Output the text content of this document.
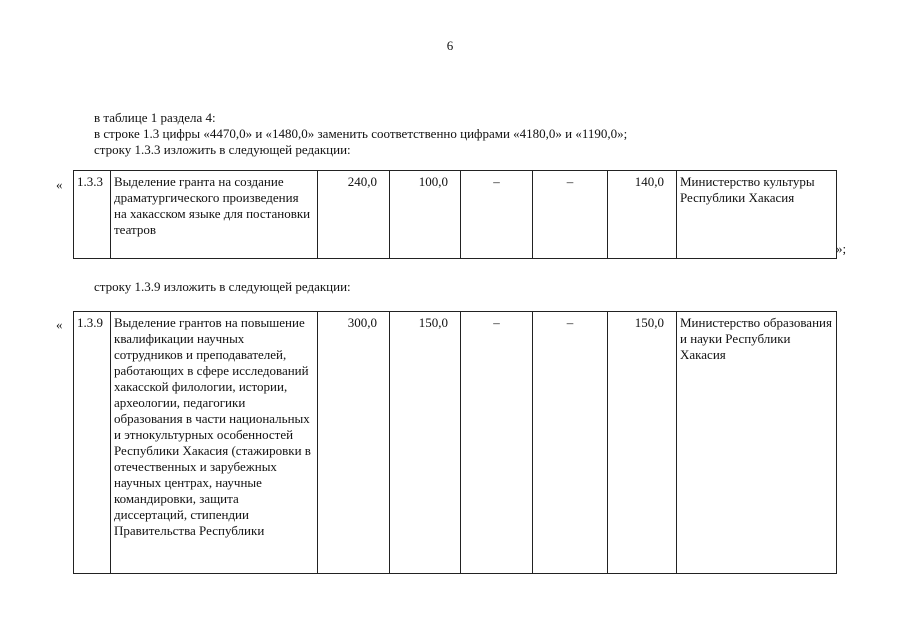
6
в таблице 1 раздела 4:
в строке 1.3 цифры «4470,0» и «1480,0» заменить соответственно цифрами «4180,0» и «1190,0»;
строку 1.3.3 изложить в следующей редакции:
« 1.3.3	Выделение гранта на создание драматургического произведения на хакасском языке для постановки театров	240,0	100,0	–	–	140,0	Министерство культуры Республики Хакасия
»;
строку 1.3.9 изложить в следующей редакции:
« 1.3.9	Выделение грантов на повышение квалификации научных сотрудников и преподавателей, работающих в сфере исследований хакасской филологии, истории, археологии, педагогики образования в части национальных и этнокультурных особенностей Республики Хакасия (стажировки в отечественных и зарубежных научных центрах, научные командировки, защита диссертаций, стипендии Правительства Республики	300,0	150,0	–	–	150,0	Министерство образования и науки Республики Хакасия
